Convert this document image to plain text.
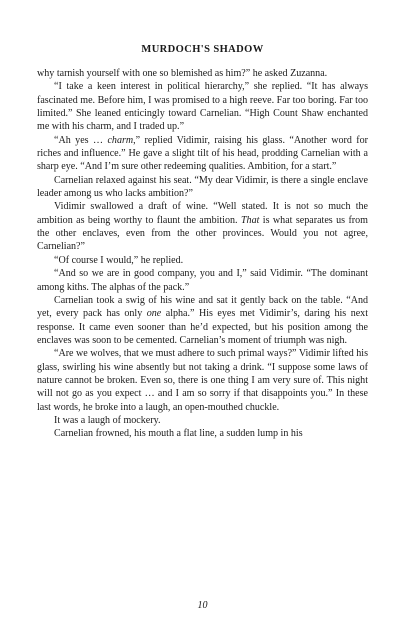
MURDOCH'S SHADOW

why tarnish yourself with one so blemished as him?” he asked Zuzanna.

“I take a keen interest in political hierarchy,” she replied. “It has always fascinated me. Before him, I was promised to a high reeve. Far too boring. Far too limited.” She leaned enticingly toward Carnelian. “High Count Shaw enchanted me with his charm, and I traded up.”

“Ah yes … charm,” replied Vidimir, raising his glass. “Another word for riches and influence.” He gave a slight tilt of his head, prodding Carnelian with a sharp eye. “And I’m sure other redeeming qualities. Ambition, for a start.”

Carnelian relaxed against his seat. “My dear Vidimir, is there a single enclave leader among us who lacks ambition?”

Vidimir swallowed a draft of wine. “Well stated. It is not so much the ambition as being worthy to flaunt the ambition. That is what separates us from the other enclaves, even from the other provinces. Would you not agree, Carnelian?”

“Of course I would,” he replied.

“And so we are in good company, you and I,” said Vidimir. “The dominant among kiths. The alphas of the pack.”

Carnelian took a swig of his wine and sat it gently back on the table. “And yet, every pack has only one alpha.” His eyes met Vidimir’s, daring his next response. It came even sooner than he’d expected, but his position among the enclaves was soon to be cemented. Carnelian’s moment of triumph was nigh.

“Are we wolves, that we must adhere to such primal ways?” Vidimir lifted his glass, swirling his wine absently but not taking a drink. “I suppose some laws of nature cannot be broken. Even so, there is one thing I am very sure of. This night will not go as you expect … and I am so sorry if that disappoints you.” In these last words, he broke into a laugh, an open-mouthed chuckle.

It was a laugh of mockery.

Carnelian frowned, his mouth a flat line, a sudden lump in his

10
